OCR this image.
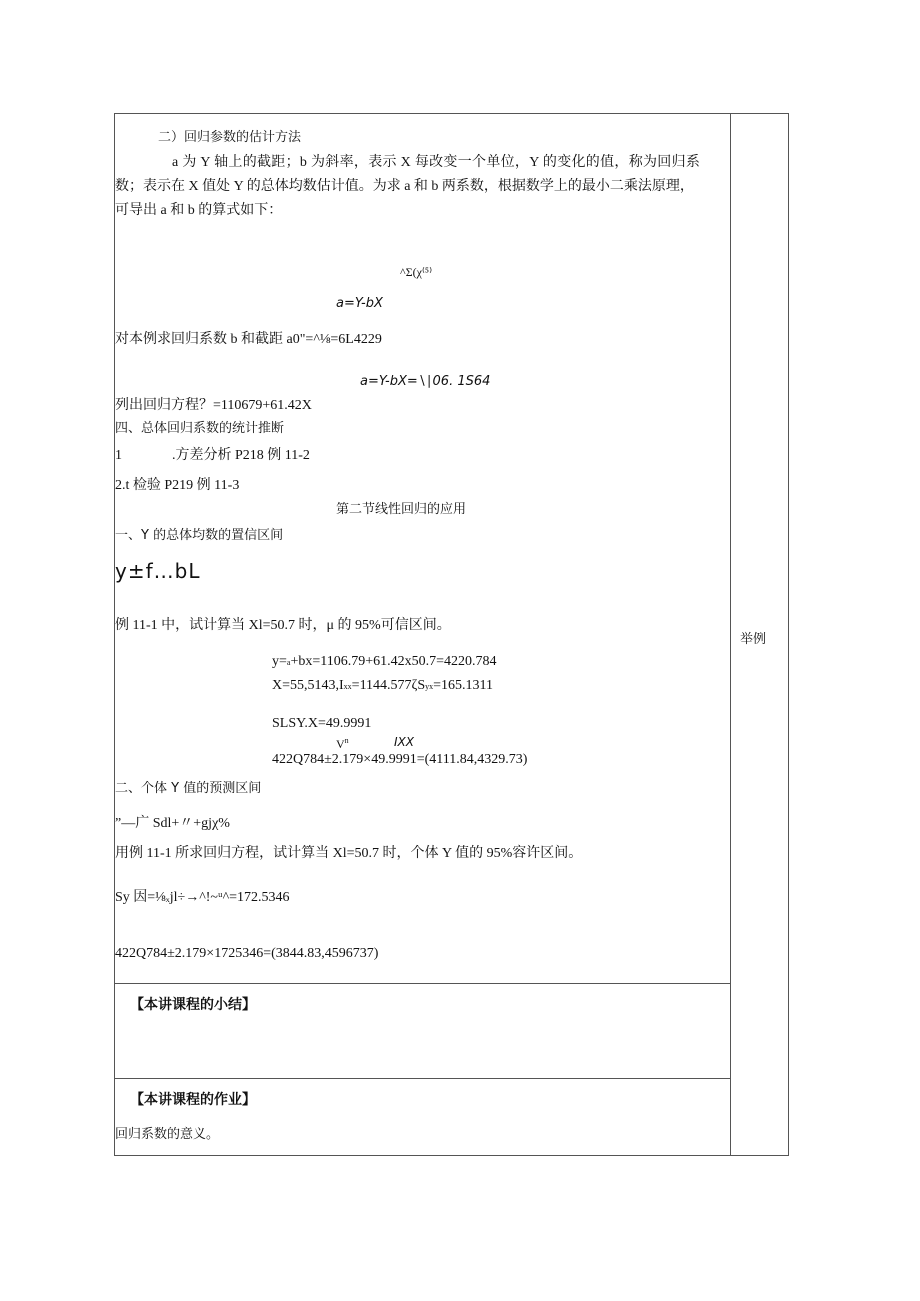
二）回归参数的估计方法
a 为 Y 轴上的截距；b 为斜率，表示 X 每改变一个单位，Y 的变化的值，称为回归系
数；表示在 X 值处 Y 的总体均数估计值。为求 a 和 b 两系数，根据数学上的最小二乘法原理，
可导出 a 和 b 的算式如下：
^Σ(χ⁽⁵⁾
a=Y-bX
对本例求回归系数 b 和截距 a0"=^⅛=6L4229
a=Y-bX=∖∣06. 1S64
列出回归方程？=110679+61.42X
四、总体回归系数的统计推断
1	.方差分析 P218 例 11-2
2.t 检验 P219 例 11-3
第二节线性回归的应用
一、Y 的总体均数的置信区间
y±f…bL
例 11-1 中，试计算当 Xl=50.7 时，μ 的 95%可信区间。
y=a+bx=1106.79+61.42x50.7=4220.784
X=55,5143,Ixx=1144.577ζSyx=165.1311
SLSY.X=49.9991
$V^n$	IXX
422Q784±2.179×49.9991=(4111.84,4329.73)
二、个体 Y 值的预测区间
”—广 Sdl+〃+gjχ%
用例 11-1 所求回归方程，试计算当 Xl=50.7 时，个体 Y 值的 95%容许区间。
Sy 因=⅛ₓjl÷→^ǃ~ᵘ^=172.5346
422Q784±2.179×1725346=(3844.83,4596737)
【本讲课程的小结】
【本讲课程的作业】
回归系数的意义。
举例
